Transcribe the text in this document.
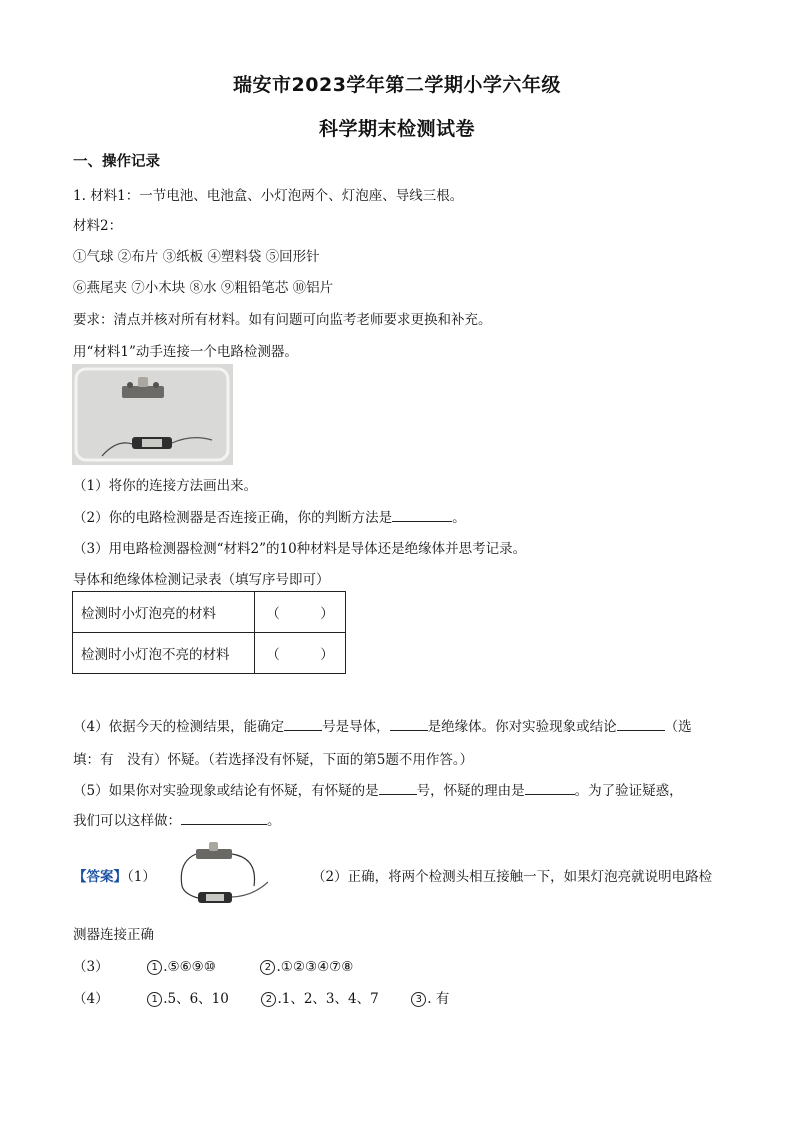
瑞安市2023学年第二学期小学六年级
科学期末检测试卷
一、操作记录
1. 材料1：一节电池、电池盒、小灯泡两个、灯泡座、导线三根。
材料2：
①气球 ②布片 ③纸板 ④塑料袋 ⑤回形针
⑥燕尾夹 ⑦小木块 ⑧水 ⑨粗铅笔芯 ⑩铝片
要求：清点并核对所有材料。如有问题可向监考老师要求更换和补充。
用“材料1”动手连接一个电路检测器。
（1）将你的连接方法画出来。
（2）你的电路检测器是否连接正确，你的判断方法是	。
（3）用电路检测器检测“材料2”的10种材料是导体还是绝缘体并思考记录。
导体和绝缘体检测记录表（填写序号即可）
检测时小灯泡亮的材料	（　　　）
检测时小灯泡不亮的材料	（　　　）
（4）依据今天的检测结果，能确定	号是导体，	是绝缘体。你对实验现象或结论	（选
填：有　没有）怀疑。（若选择没有怀疑，下面的第5题不用作答。）
（5）如果你对实验现象或结论有怀疑，有怀疑的是	号，怀疑的理由是	。为了验证疑惑，
我们可以这样做：	。
【答案】（1）	（2）正确，将两个检测头相互接触一下，如果灯泡亮就说明电路检
测器连接正确
（3）	1 .⑤⑥⑨⑩	2 .①②③④⑦⑧
（4）	1 .5、6、10	2 .1、2、3、4、7	3 . 有
